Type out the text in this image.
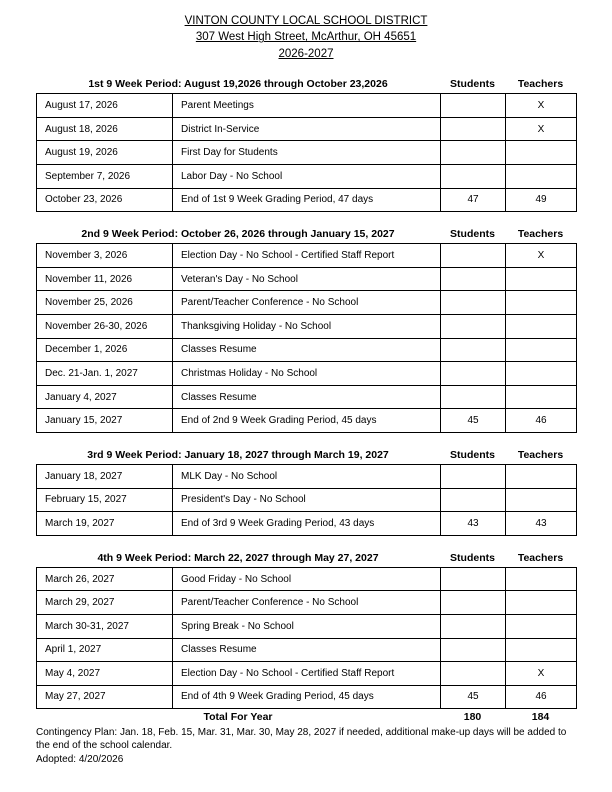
VINTON COUNTY LOCAL SCHOOL DISTRICT
307 West High Street, McArthur, OH 45651
2026-2027
1st 9 Week Period: August 19,2026 through October 23,2026	Students	Teachers
August 17, 2026	Parent Meetings		X
August 18, 2026	District In-Service		X
August 19, 2026	First Day for Students		
September 7, 2026	Labor Day - No School		
October 23, 2026	End of 1st 9 Week Grading Period, 47 days	47	49
2nd 9 Week Period: October 26, 2026 through January 15, 2027	Students	Teachers
November 3, 2026	Election Day - No School - Certified Staff Report		X
November 11, 2026	Veteran's Day - No School		
November 25, 2026	Parent/Teacher Conference - No School		
November 26-30, 2026	Thanksgiving Holiday - No School		
December 1, 2026	Classes Resume		
Dec. 21-Jan. 1, 2027	Christmas Holiday - No School		
January 4, 2027	Classes Resume		
January 15, 2027	End of 2nd 9 Week Grading Period, 45 days	45	46
3rd 9 Week Period: January 18, 2027 through March 19, 2027	Students	Teachers
January 18, 2027	MLK Day - No School		
February 15, 2027	President's Day - No School		
March 19, 2027	End of 3rd 9 Week Grading Period, 43 days	43	43
4th 9 Week Period: March 22, 2027 through May 27, 2027	Students	Teachers
March 26, 2027	Good Friday - No School		
March 29, 2027	Parent/Teacher Conference - No School		
March 30-31, 2027	Spring Break - No School		
April 1, 2027	Classes Resume		
May 4, 2027	Election Day - No School - Certified Staff Report		X
May 27, 2027	End of 4th 9 Week Grading Period, 45 days	45	46
Total For Year	180	184
Contingency Plan: Jan. 18, Feb. 15, Mar. 31, Mar. 30, May 28, 2027 if needed, additional make-up days will be added to the end of the school calendar.
Adopted: 4/20/2026
